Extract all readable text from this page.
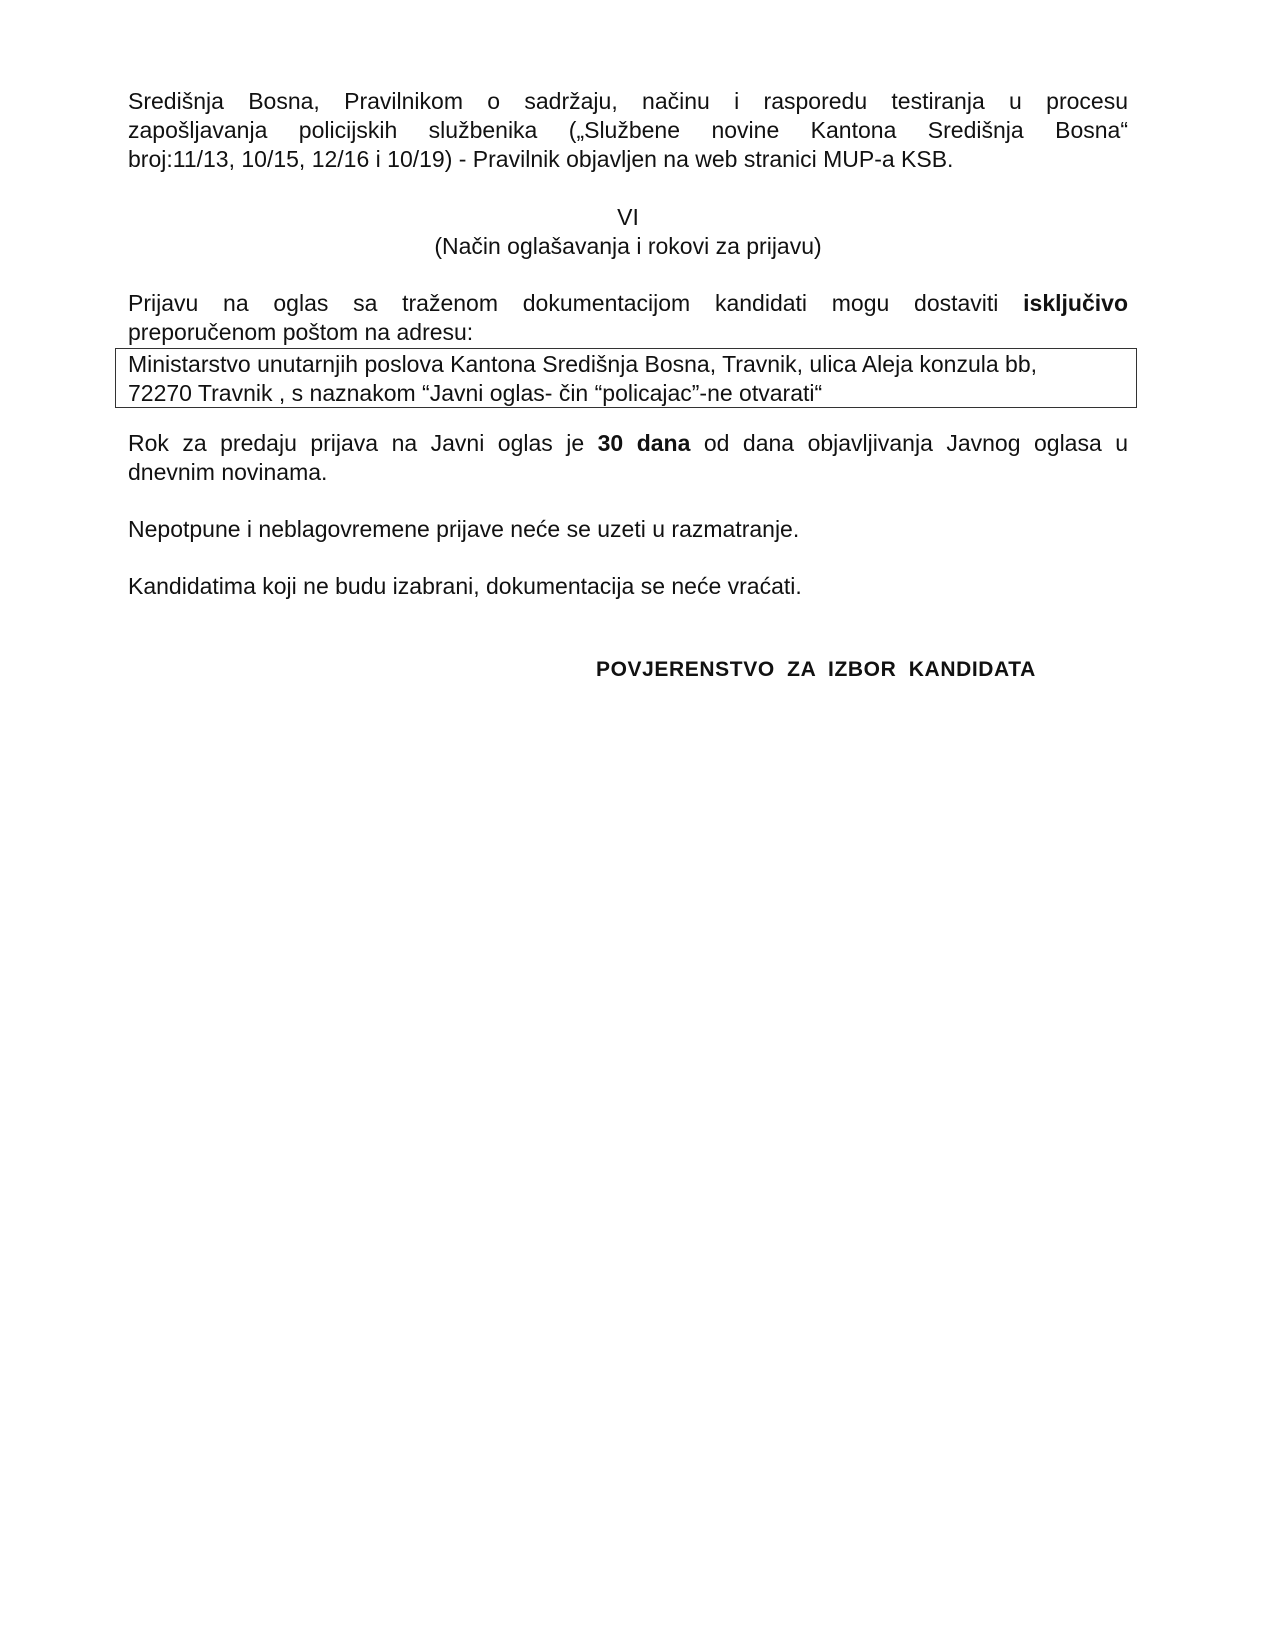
Središnja Bosna, Pravilnikom o sadržaju, načinu i rasporedu testiranja u procesu
zapošljavanja policijskih službenika („Službene novine Kantona Središnja Bosna“
broj:11/13, 10/15, 12/16 i 10/19) - Pravilnik objavljen na web stranici MUP-a KSB.
VI
(Način oglašavanja i rokovi za prijavu)
Prijavu na oglas sa traženom dokumentacijom kandidati mogu dostaviti isključivo
preporučenom poštom na adresu:
Ministarstvo unutarnjih poslova Kantona Središnja Bosna, Travnik, ulica Aleja konzula bb,
72270 Travnik , s naznakom “Javni oglas- čin “policajac”-ne otvarati“
Rok za predaju prijava na Javni oglas je 30 dana od dana objavljivanja Javnog oglasa u
dnevnim novinama.
Nepotpune i neblagovremene prijave neće se uzeti u razmatranje.
Kandidatima koji ne budu izabrani, dokumentacija se neće vraćati.
POVJERENSTVO ZA IZBOR KANDIDATA
